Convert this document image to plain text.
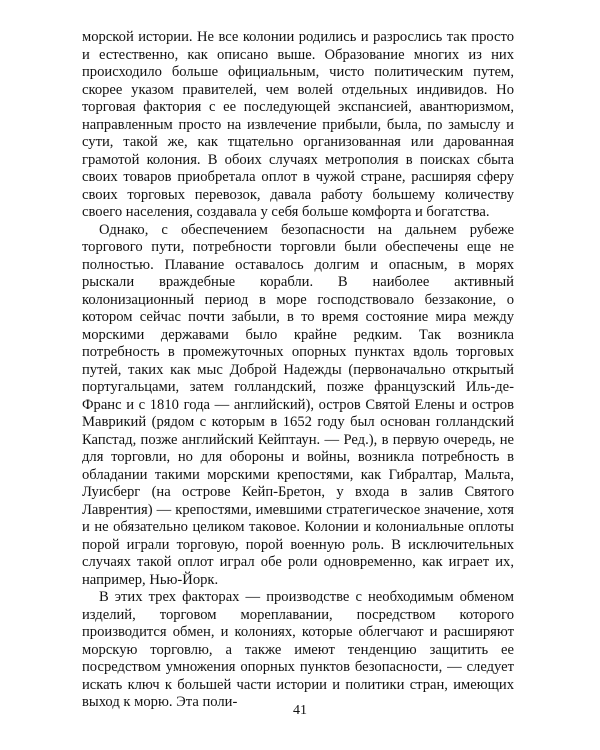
морской истории. Не все колонии родились и разрослись так просто и естественно, как описано выше. Образование многих из них происходило больше официальным, чисто политическим путем, скорее указом правителей, чем волей отдельных индивидов. Но торговая фактория с ее последующей экспансией, авантюризмом, направленным просто на извлечение прибыли, была, по замыслу и сути, такой же, как тщательно организованная или дарованная грамотой колония. В обоих случаях метрополия в поисках сбыта своих товаров приобретала оплот в чужой стране, расширяя сферу своих торговых перевозок, давала работу большему количеству своего населения, создавала у себя больше комфорта и богатства.

Однако, с обеспечением безопасности на дальнем рубеже торгового пути, потребности торговли были обеспечены еще не полностью. Плавание оставалось долгим и опасным, в морях рыскали враждебные корабли. В наиболее активный колонизационный период в море господствовало беззаконие, о котором сейчас почти забыли, в то время состояние мира между морскими державами было крайне редким. Так возникла потребность в промежуточных опорных пунктах вдоль торговых путей, таких как мыс Доброй Надежды (первоначально открытый португальцами, затем голландский, позже французский Иль-де-Франс и с 1810 года — английский), остров Святой Елены и остров Маврикий (рядом с которым в 1652 году был основан голландский Капстад, позже английский Кейптаун. — Ред.), в первую очередь, не для торговли, но для обороны и войны, возникла потребность в обладании такими морскими крепостями, как Гибралтар, Мальта, Луисберг (на острове Кейп-Бретон, у входа в залив Святого Лаврентия) — крепостями, имевшими стратегическое значение, хотя и не обязательно целиком таковое. Колонии и колониальные оплоты порой играли торговую, порой военную роль. В исключительных случаях такой оплот играл обе роли одновременно, как играет их, например, Нью-Йорк.

В этих трех факторах — производстве с необходимым обменом изделий, торговом мореплавании, посредством которого производится обмен, и колониях, которые облегчают и расширяют морскую торговлю, а также имеют тенденцию защитить ее посредством умножения опорных пунктов безопасности, — следует искать ключ к большей части истории и политики стран, имеющих выход к морю. Эта поли-

41
